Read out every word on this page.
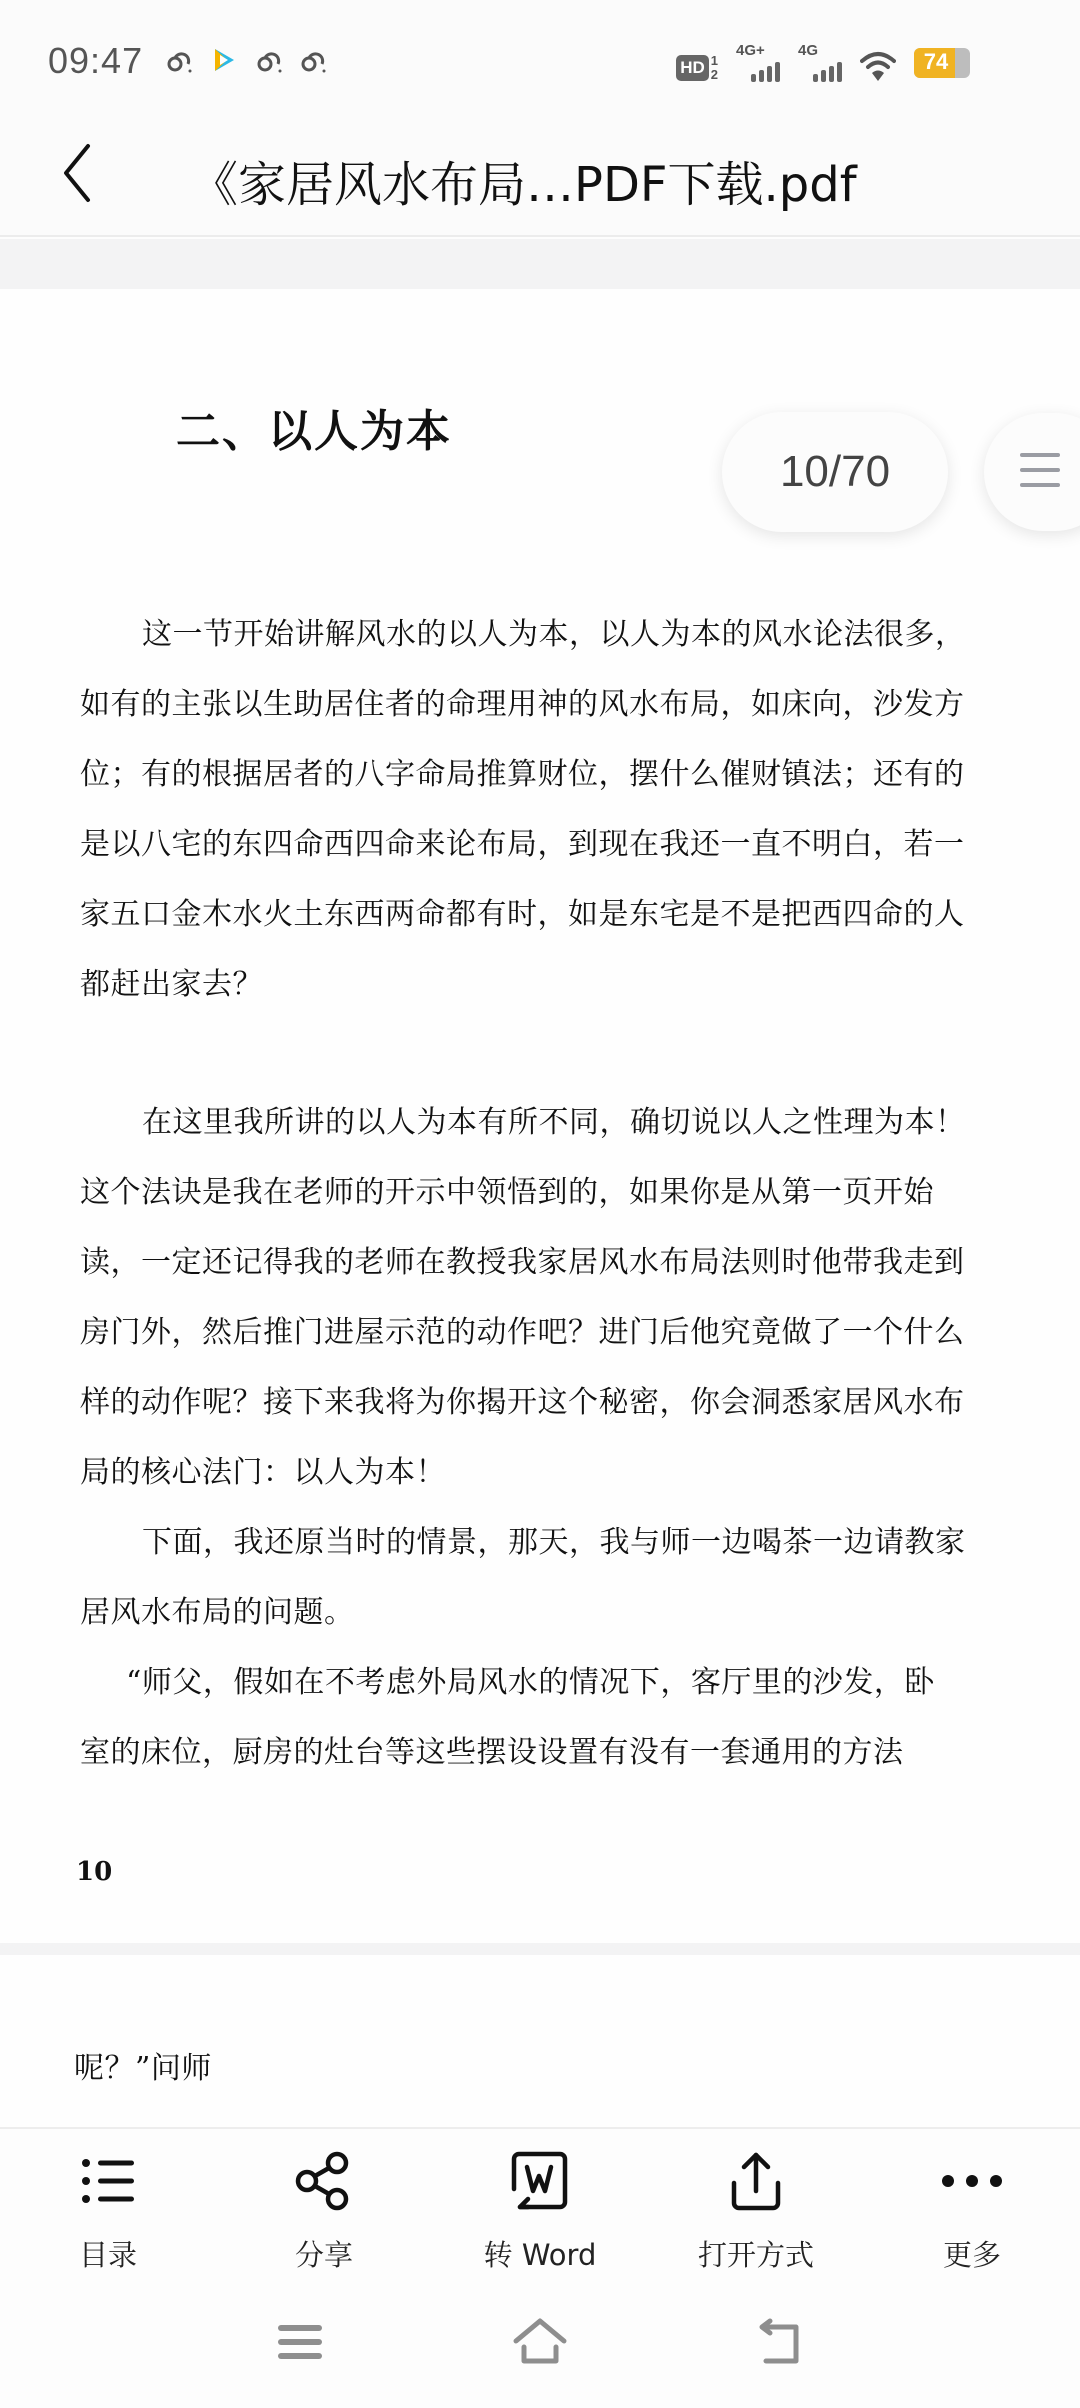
09:47	HD 1
2
4G+ 4G	74
《家居风水布局…PDF下载.pdf
二、以人为本
这一节开始讲解风水的以人为本，以人为本的风水论法很多，
如有的主张以生助居住者的命理用神的风水布局，如床向，沙发方
位；有的根据居者的八字命局推算财位，摆什么催财镇法；还有的
是以八宅的东四命西四命来论布局，到现在我还一直不明白，若一
家五口金木水火土东西两命都有时，如是东宅是不是把西四命的人
都赶出家去？
在这里我所讲的以人为本有所不同，确切说以人之性理为本！
这个法诀是我在老师的开示中领悟到的，如果你是从第一页开始
读，一定还记得我的老师在教授我家居风水布局法则时他带我走到
房门外，然后推门进屋示范的动作吧？进门后他究竟做了一个什么
样的动作呢？接下来我将为你揭开这个秘密，你会洞悉家居风水布
局的核心法门：以人为本！
下面，我还原当时的情景，那天，我与师一边喝茶一边请教家
居风水布局的问题。
“师父，假如在不考虑外局风水的情况下，客厅里的沙发，卧
室的床位，厨房的灶台等这些摆设设置有没有一套通用的方法
10
呢？”问师
10/70
目录	分享	转 Word	打开方式	更多
